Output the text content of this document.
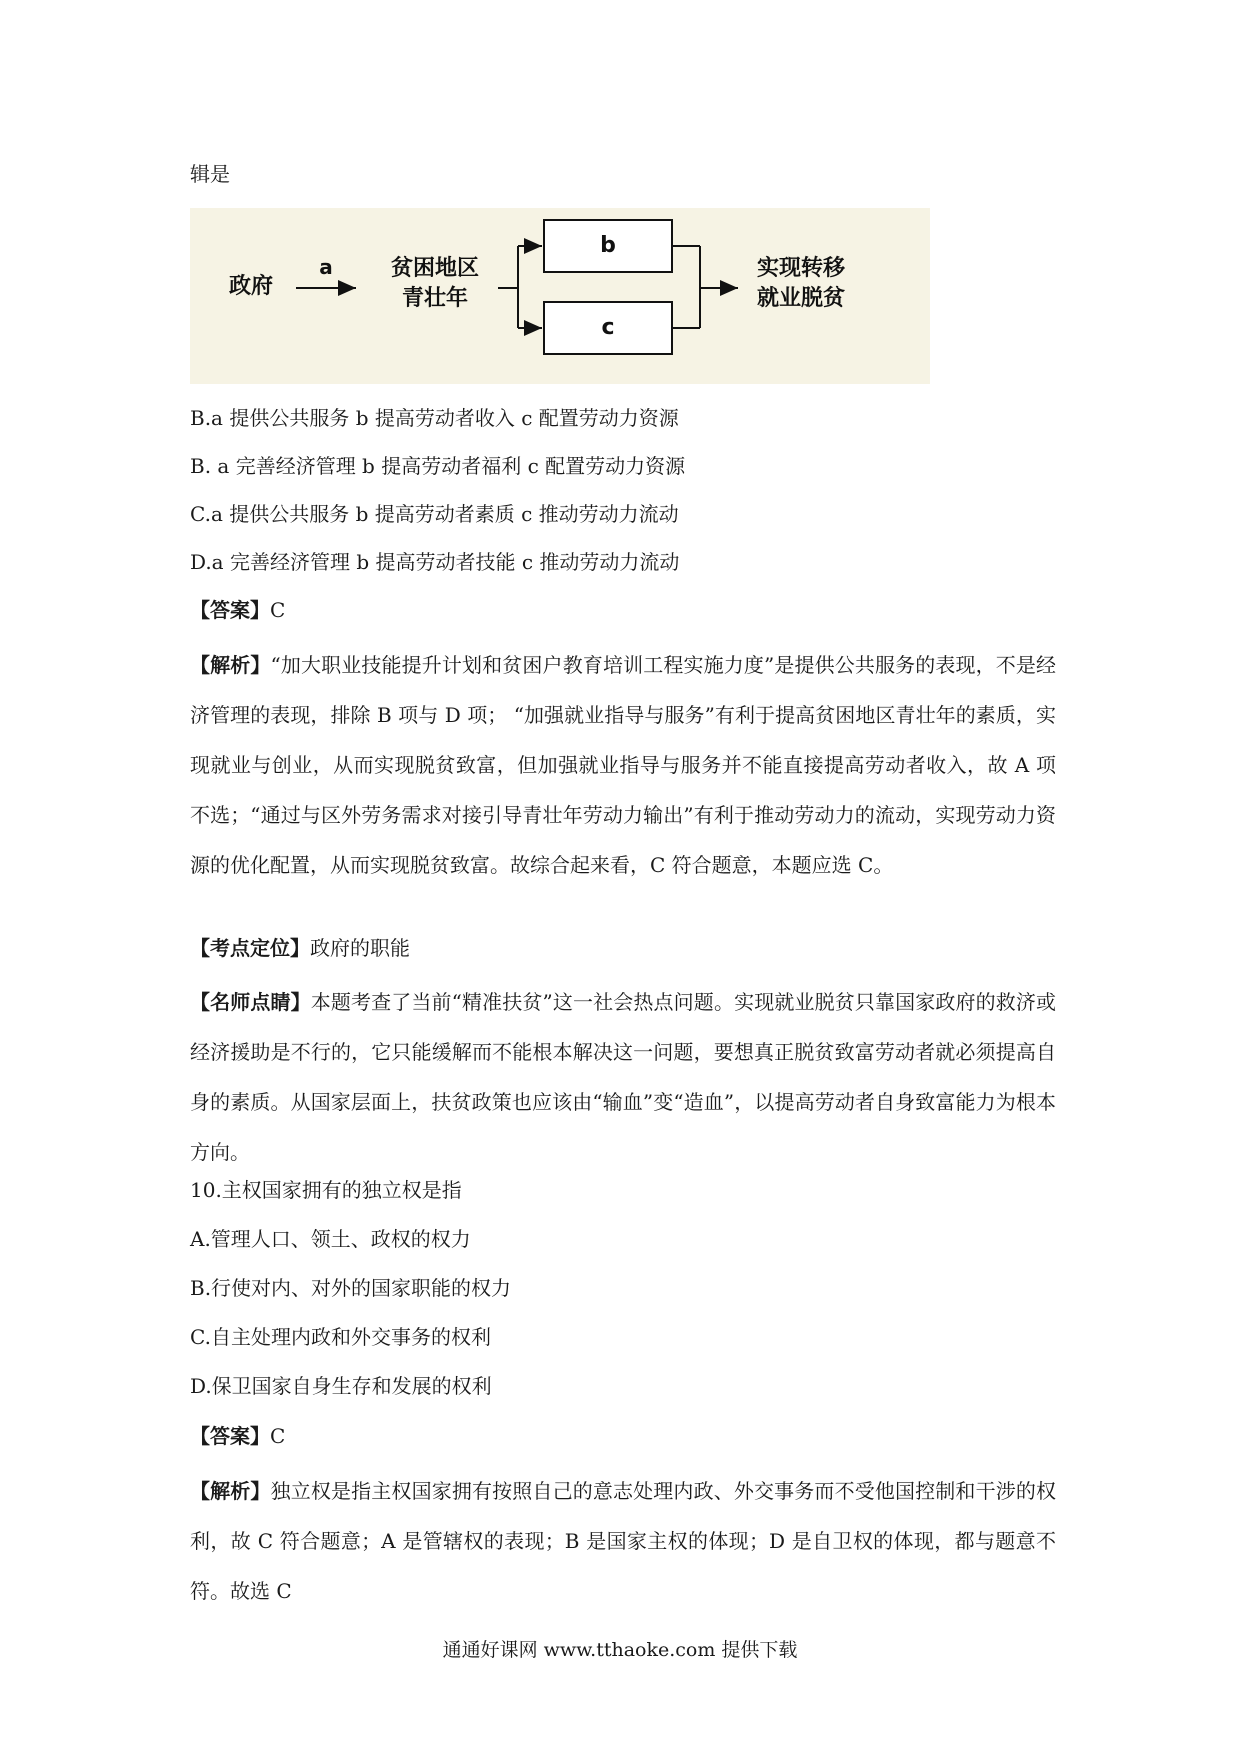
辑是
政府
a	贫困地区
青壮年
b
c
实现转移
就业脱贫
B.a 提供公共服务 b 提高劳动者收入 c 配置劳动力资源
B. a 完善经济管理 b 提高劳动者福利 c 配置劳动力资源
C.a 提供公共服务 b 提高劳动者素质 c 推动劳动力流动
D.a 完善经济管理 b 提高劳动者技能 c 推动劳动力流动
【答案】C
【解析】“加大职业技能提升计划和贫困户教育培训工程实施力度”是提供公共服务的表现，不是经济管理的表现，排除 B 项与 D 项； “加强就业指导与服务”有利于提高贫困地区青壮年的素质，实现就业与创业，从而实现脱贫致富，但加强就业指导与服务并不能直接提高劳动者收入，故 A 项不选；“通过与区外劳务需求对接引导青壮年劳动力输出”有利于推动劳动力的流动，实现劳动力资源的优化配置，从而实现脱贫致富。故综合起来看，C 符合题意，本题应选 C。
【考点定位】政府的职能
【名师点睛】本题考查了当前“精准扶贫”这一社会热点问题。实现就业脱贫只靠国家政府的救济或经济援助是不行的，它只能缓解而不能根本解决这一问题，要想真正脱贫致富劳动者就必须提高自身的素质。从国家层面上，扶贫政策也应该由“输血”变“造血”，以提高劳动者自身致富能力为根本方向。
10.主权国家拥有的独立权是指
A.管理人口、领土、政权的权力
B.行使对内、对外的国家职能的权力
C.自主处理内政和外交事务的权利
D.保卫国家自身生存和发展的权利
【答案】C
【解析】独立权是指主权国家拥有按照自己的意志处理内政、外交事务而不受他国控制和干涉的权利，故 C 符合题意；A 是管辖权的表现；B 是国家主权的体现；D 是自卫权的体现，都与题意不符。故选 C
通通好课网 www.tthaoke.com 提供下载
